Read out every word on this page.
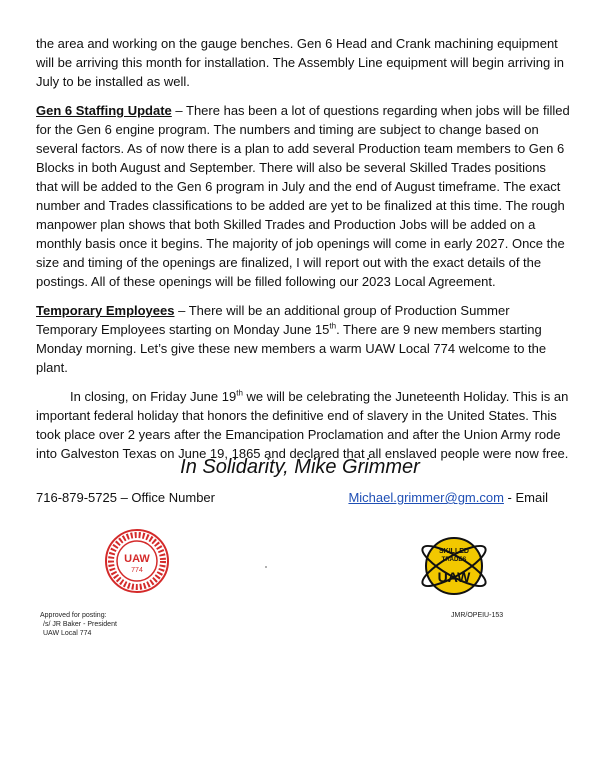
the area and working on the gauge benches. Gen 6 Head and Crank machining equipment will be arriving this month for installation. The Assembly Line equipment will begin arriving in July to be installed as well.

Gen 6 Staffing Update – There has been a lot of questions regarding when jobs will be filled for the Gen 6 engine program. The numbers and timing are subject to change based on several factors. As of now there is a plan to add several Production team members to Gen 6 Blocks in both August and September. There will also be several Skilled Trades positions that will be added to the Gen 6 program in July and the end of August timeframe. The exact number and Trades classifications to be added are yet to be finalized at this time. The rough manpower plan shows that both Skilled Trades and Production Jobs will be added on a monthly basis once it begins. The majority of job openings will come in early 2027. Once the size and timing of the openings are finalized, I will report out with the exact details of the postings. All of these openings will be filled following our 2023 Local Agreement.

Temporary Employees – There will be an additional group of Production Summer Temporary Employees starting on Monday June 15th. There are 9 new members starting Monday morning. Let’s give these new members a warm UAW Local 774 welcome to the plant.

In closing, on Friday June 19th we will be celebrating the Juneteenth Holiday. This is an important federal holiday that honors the definitive end of slavery in the United States. This took place over 2 years after the Emancipation Proclamation and after the Union Army rode into Galveston Texas on June 19, 1865 and declared that all enslaved people were now free.

In Solidarity, Mike Grimmer
716-879-5725 – Office Number	Michael.grimmer@gm.com - Email
UAW
774
SKILLED
TRADES
UAW
Approved for posting:
/s/ JR Baker - President
UAW Local 774
JMR/OPEIU-153
